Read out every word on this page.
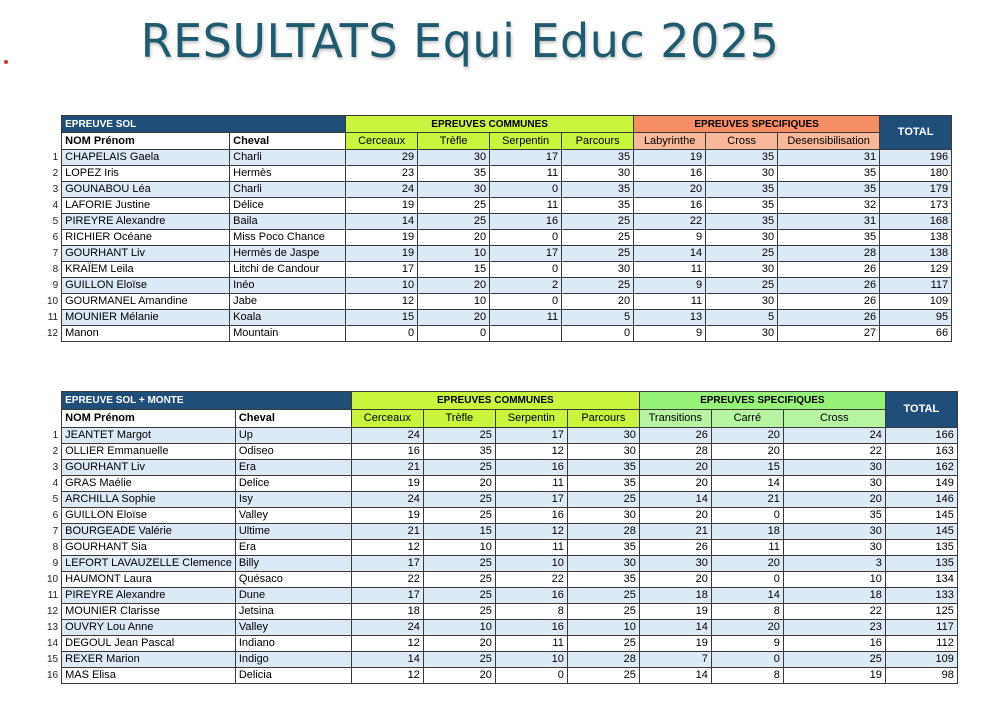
RESULTATS Equi Educ 2025
	EPREUVE SOL		EPREUVES COMMUNES				EPREUVES SPECIFIQUES			TOTAL
	NOM Prénom	Cheval	Cerceaux	Trèfle	Serpentin	Parcours	Labyrinthe	Cross	Desensibilisation	
1	CHAPELAIS Gaela	Charli	29	30	17	35	19	35	31	196
2	LOPEZ Iris	Hermès	23	35	11	30	16	30	35	180
3	GOUNABOU Léa	Charli	24	30	0	35	20	35	35	179
4	LAFORIE Justine	Délice	19	25	11	35	16	35	32	173
5	PIREYRE Alexandre	Baila	14	25	16	25	22	35	31	168
6	RICHIER Océane	Miss Poco Chance	19	20	0	25	9	30	35	138
7	GOURHANT Liv	Hermès de Jaspe	19	10	17	25	14	25	28	138
8	KRAÏEM Leila	Litchi de Candour	17	15	0	30	11	30	26	129
9	GUILLON Eloïse	Inéo	10	20	2	25	9	25	26	117
10	GOURMANEL Amandine	Jabe	12	10	0	20	11	30	26	109
11	MOUNIER Mélanie	Koala	15	20	11	5	13	5	26	95
12	Manon	Mountain	0	0		0	9	30	27	66
	EPREUVE SOL + MONTE		EPREUVES COMMUNES				EPREUVES SPECIFIQUES			TOTAL
	NOM Prénom	Cheval	Cerceaux	Trèfle	Serpentin	Parcours	Transitions	Carré	Cross	
1	JEANTET Margot	Up	24	25	17	30	26	20	24	166
2	OLLIER Emmanuelle	Odiseo	16	35	12	30	28	20	22	163
3	GOURHANT Liv	Era	21	25	16	35	20	15	30	162
4	GRAS Maélie	Delice	19	20	11	35	20	14	30	149
5	ARCHILLA Sophie	Isy	24	25	17	25	14	21	20	146
6	GUILLON Eloïse	Valley	19	25	16	30	20	0	35	145
7	BOURGEADE Valérie	Ultime	21	15	12	28	21	18	30	145
8	GOURHANT Sia	Era	12	10	11	35	26	11	30	135
9	LEFORT LAVAUZELLE Clemence	Billy	17	25	10	30	30	20	3	135
10	HAUMONT Laura	Quésaco	22	25	22	35	20	0	10	134
11	PIREYRE Alexandre	Dune	17	25	16	25	18	14	18	133
12	MOUNIER Clarisse	Jetsina	18	25	8	25	19	8	22	125
13	OUVRY Lou Anne	Valley	24	10	16	10	14	20	23	117
14	DEGOUL Jean Pascal	Indiano	12	20	11	25	19	9	16	112
15	REXER Marion	Indigo	14	25	10	28	7	0	25	109
16	MAS Elisa	Delicia	12	20	0	25	14	8	19	98
